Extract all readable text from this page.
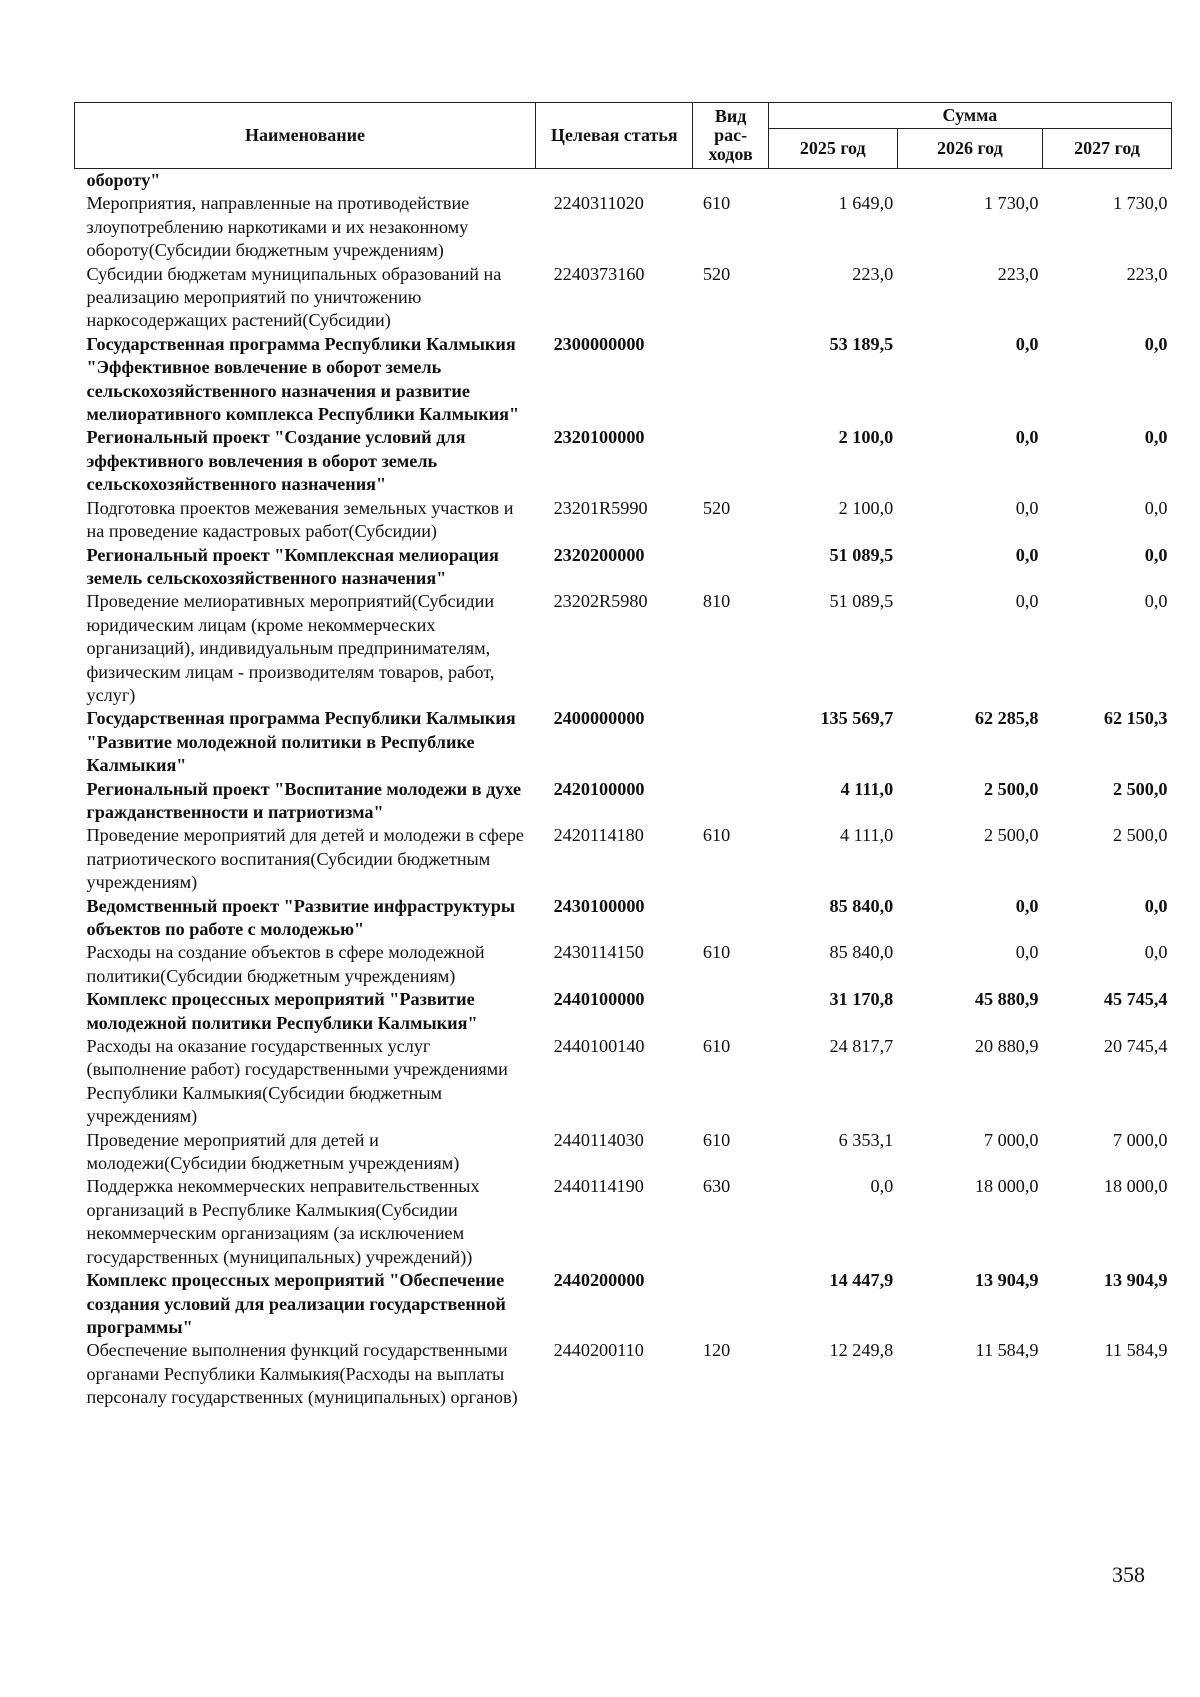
Наименование	Целевая статья	Вид рас-ходов	Сумма		
			2025 год	2026 год	2027 год
обороту"					
Мероприятия, направленные на противодействие злоупотреблению наркотиками и их незаконному обороту(Субсидии бюджетным учреждениям)	2240311020	610	1 649,0	1 730,0	1 730,0
Субсидии бюджетам муниципальных образований на реализацию мероприятий по уничтожению наркосодержащих растений(Субсидии)	2240373160	520	223,0	223,0	223,0
Государственная программа Республики Калмыкия "Эффективное вовлечение в оборот земель сельскохозяйственного назначения и развитие мелиоративного комплекса Республики Калмыкия"	2300000000		53 189,5	0,0	0,0
Региональный проект "Создание условий для эффективного вовлечения в оборот земель сельскохозяйственного назначения"	2320100000		2 100,0	0,0	0,0
Подготовка проектов межевания земельных участков и на проведение кадастровых работ(Субсидии)	23201R5990	520	2 100,0	0,0	0,0
Региональный проект "Комплексная мелиорация земель сельскохозяйственного назначения"	2320200000		51 089,5	0,0	0,0
Проведение мелиоративных мероприятий(Субсидии юридическим лицам (кроме некоммерческих организаций), индивидуальным предпринимателям, физическим лицам - производителям товаров, работ, услуг)	23202R5980	810	51 089,5	0,0	0,0
Государственная программа Республики Калмыкия "Развитие молодежной политики в Республике Калмыкия"	2400000000		135 569,7	62 285,8	62 150,3
Региональный проект "Воспитание молодежи в духе гражданственности и патриотизма"	2420100000		4 111,0	2 500,0	2 500,0
Проведение мероприятий для детей и молодежи в сфере патриотического воспитания(Субсидии бюджетным учреждениям)	2420114180	610	4 111,0	2 500,0	2 500,0
Ведомственный проект "Развитие инфраструктуры объектов по работе с молодежью"	2430100000		85 840,0	0,0	0,0
Расходы на создание объектов в сфере молодежной политики(Субсидии бюджетным учреждениям)	2430114150	610	85 840,0	0,0	0,0
Комплекс процессных мероприятий "Развитие молодежной политики Республики Калмыкия"	2440100000		31 170,8	45 880,9	45 745,4
Расходы на оказание государственных услуг (выполнение работ) государственными учреждениями Республики Калмыкия(Субсидии бюджетным учреждениям)	2440100140	610	24 817,7	20 880,9	20 745,4
Проведение мероприятий для детей и молодежи(Субсидии бюджетным учреждениям)	2440114030	610	6 353,1	7 000,0	7 000,0
Поддержка некоммерческих неправительственных организаций в Республике Калмыкия(Субсидии некоммерческим организациям (за исключением государственных (муниципальных) учреждений))	2440114190	630	0,0	18 000,0	18 000,0
Комплекс процессных мероприятий "Обеспечение создания условий для реализации государственной программы"	2440200000		14 447,9	13 904,9	13 904,9
Обеспечение выполнения функций государственными органами Республики Калмыкия(Расходы на выплаты персоналу государственных (муниципальных) органов)	2440200110	120	12 249,8	11 584,9	11 584,9
358
